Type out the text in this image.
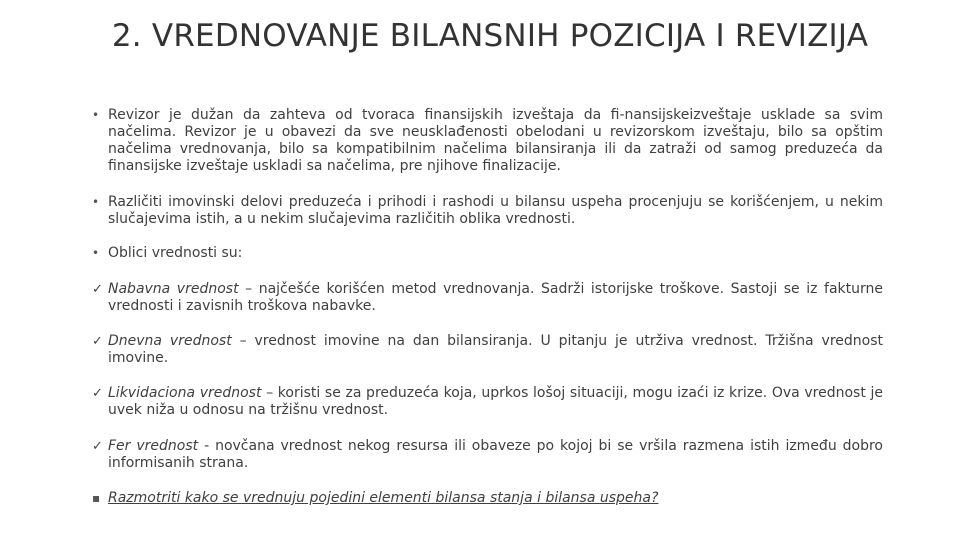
2. VREDNOVANJE BILANSNIH POZICIJA I REVIZIJA
• Revizor je dužan da zahteva od tvoraca finansijskih izveštaja da fi-nansijskeizveštaje usklade sa svim načelima. Revizor je u obavezi da sve neusklađenosti obelodani u revizorskom izveštaju, bilo sa opštim načelima vrednovanja, bilo sa kompatibilnim načelima bilansiranja ili da zatraži od samog preduzeća da finansijske izveštaje uskladi sa načelima, pre njihove finalizacije.
• Različiti imovinski delovi preduzeća i prihodi i rashodi u bilansu uspeha procenjuju se korišćenjem, u nekim slučajevima istih, a u nekim slučajevima različitih oblika vrednosti.
• Oblici vrednosti su:
✓ Nabavna vrednost – najčešće korišćen metod vrednovanja. Sadrži istorijske troškove. Sastoji se iz fakturne vrednosti i zavisnih troškova nabavke.
✓ Dnevna vrednost – vrednost imovine na dan bilansiranja. U pitanju je utrživa vrednost. Tržišna vrednost imovine.
✓ Likvidaciona vrednost – koristi se za preduzeća koja, uprkos lošoj situaciji, mogu izaći iz krize. Ova vrednost je uvek niža u odnosu na tržišnu vrednost.
✓ Fer vrednost - novčana vrednost nekog resursa ili obaveze po kojoj bi se vršila razmena istih između dobro informisanih strana.
▪ Razmotriti kako se vrednuju pojedini elementi bilansa stanja i bilansa uspeha?
